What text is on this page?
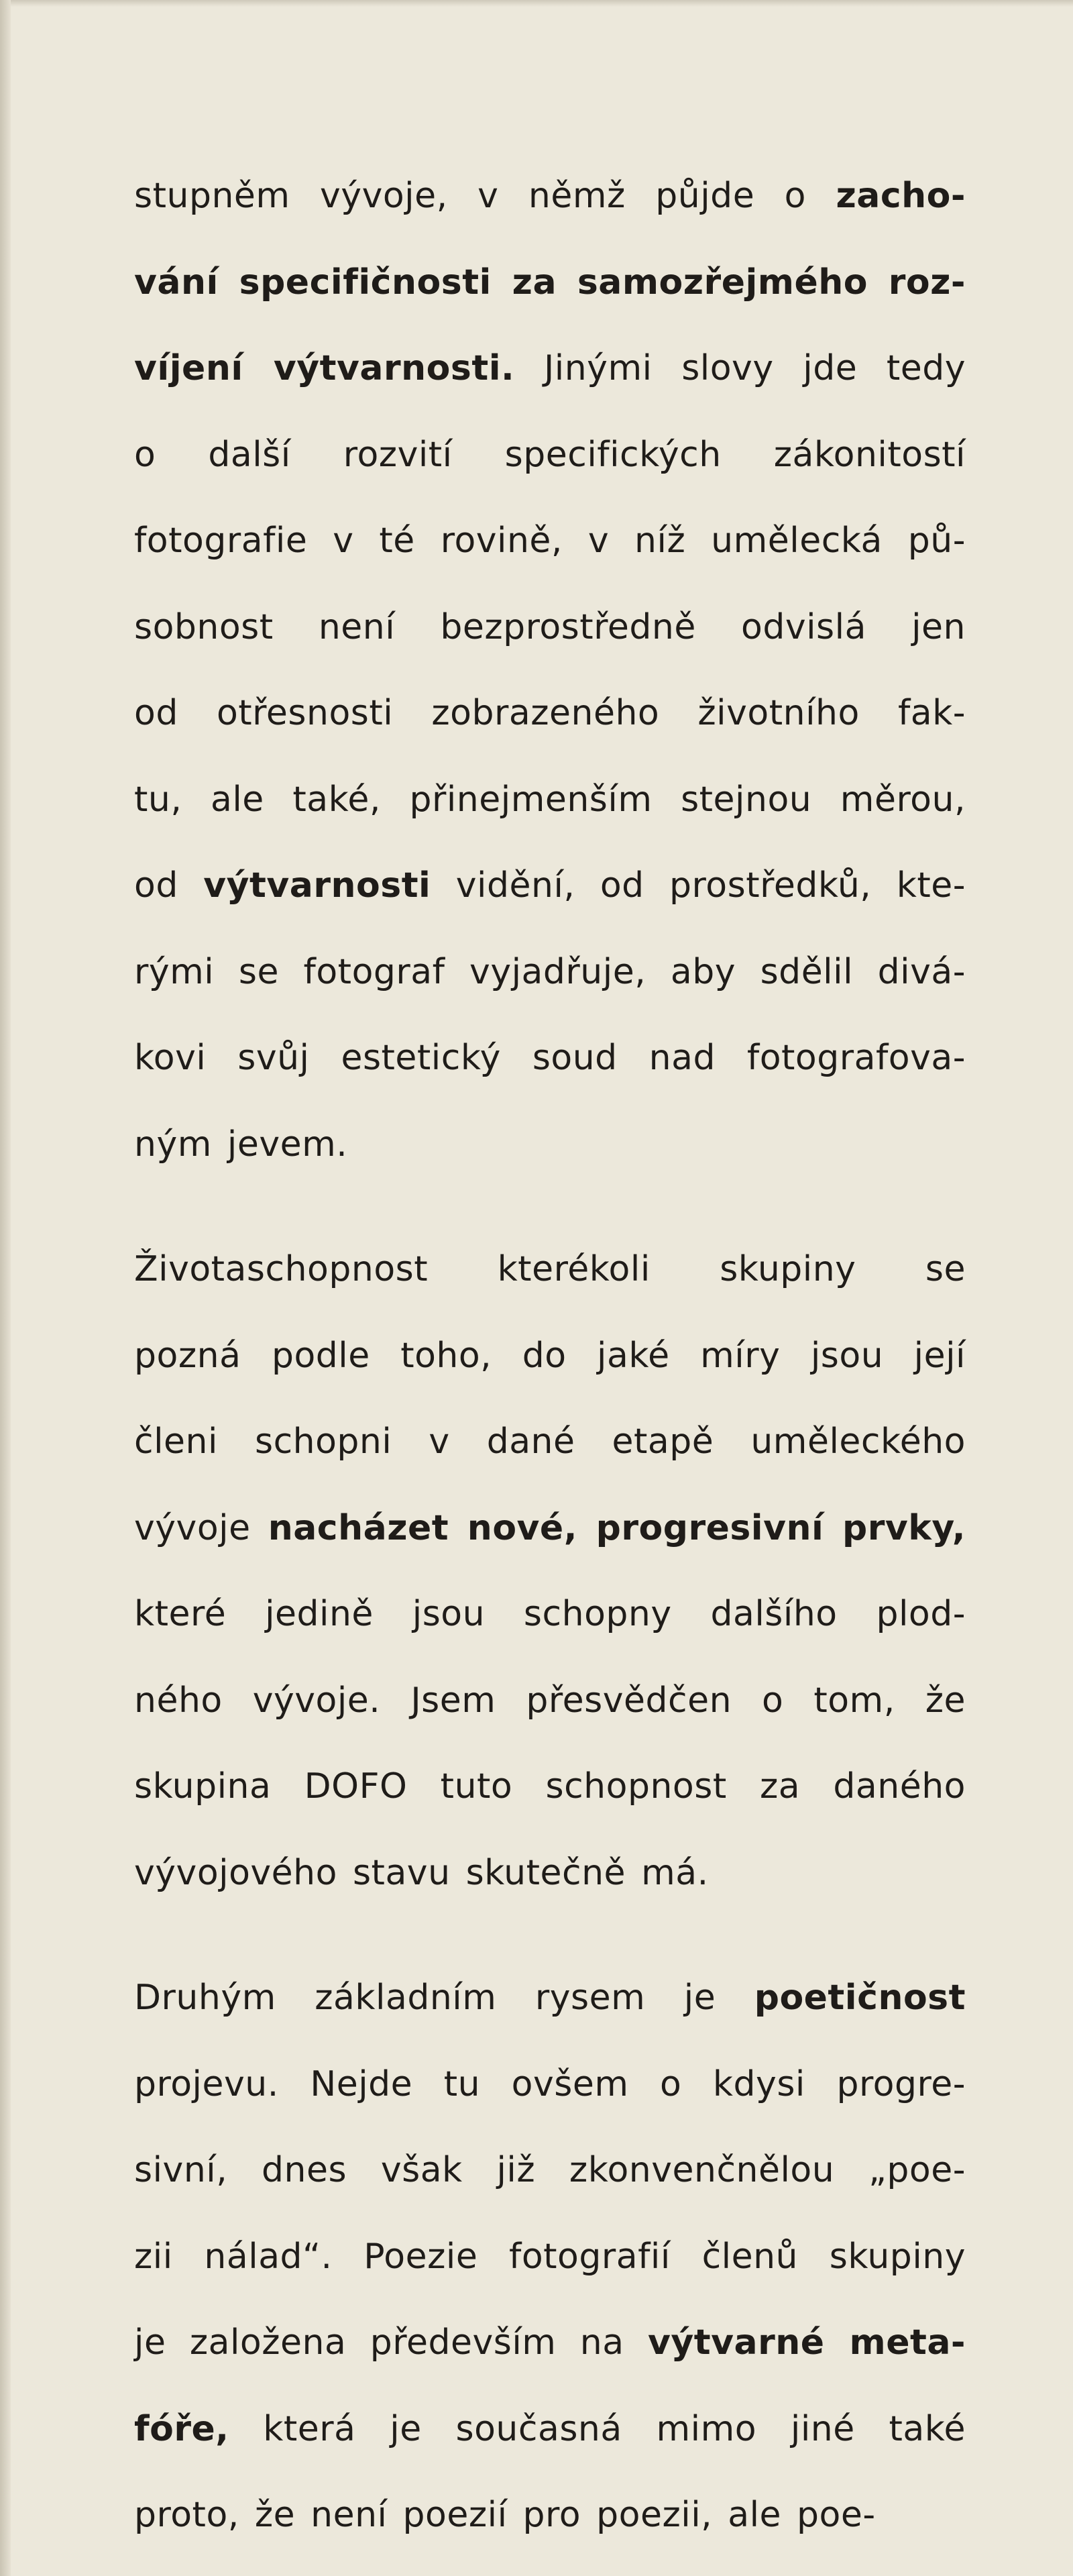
stupněm vývoje, v němž půjde o zacho-
vání specifičnosti za samozřejmého roz-
víjení výtvarnosti. Jinými slovy jde tedy
o další rozvití specifických zákonitostí
fotografie v té rovině, v níž umělecká pů-
sobnost není bezprostředně odvislá jen
od otřesnosti zobrazeného životního fak-
tu, ale také, přinejmenším stejnou měrou,
od výtvarnosti vidění, od prostředků, kte-
rými se fotograf vyjadřuje, aby sdělil divá-
kovi svůj estetický soud nad fotografova-
ným jevem.
Životaschopnost kterékoli skupiny se
pozná podle toho, do jaké míry jsou její
členi schopni v dané etapě uměleckého
vývoje nacházet nové, progresivní prvky,
které jedině jsou schopny dalšího plod-
ného vývoje. Jsem přesvědčen o tom, že
skupina DOFO tuto schopnost za daného
vývojového stavu skutečně má.
Druhým základním rysem je poetičnost
projevu. Nejde tu ovšem o kdysi progre-
sivní, dnes však již zkonvenčnělou „poe-
zii nálad“. Poezie fotografií členů skupiny
je založena především na výtvarné meta-
fóře, která je současná mimo jiné také
proto, že není poezií pro poezii, ale poe-
